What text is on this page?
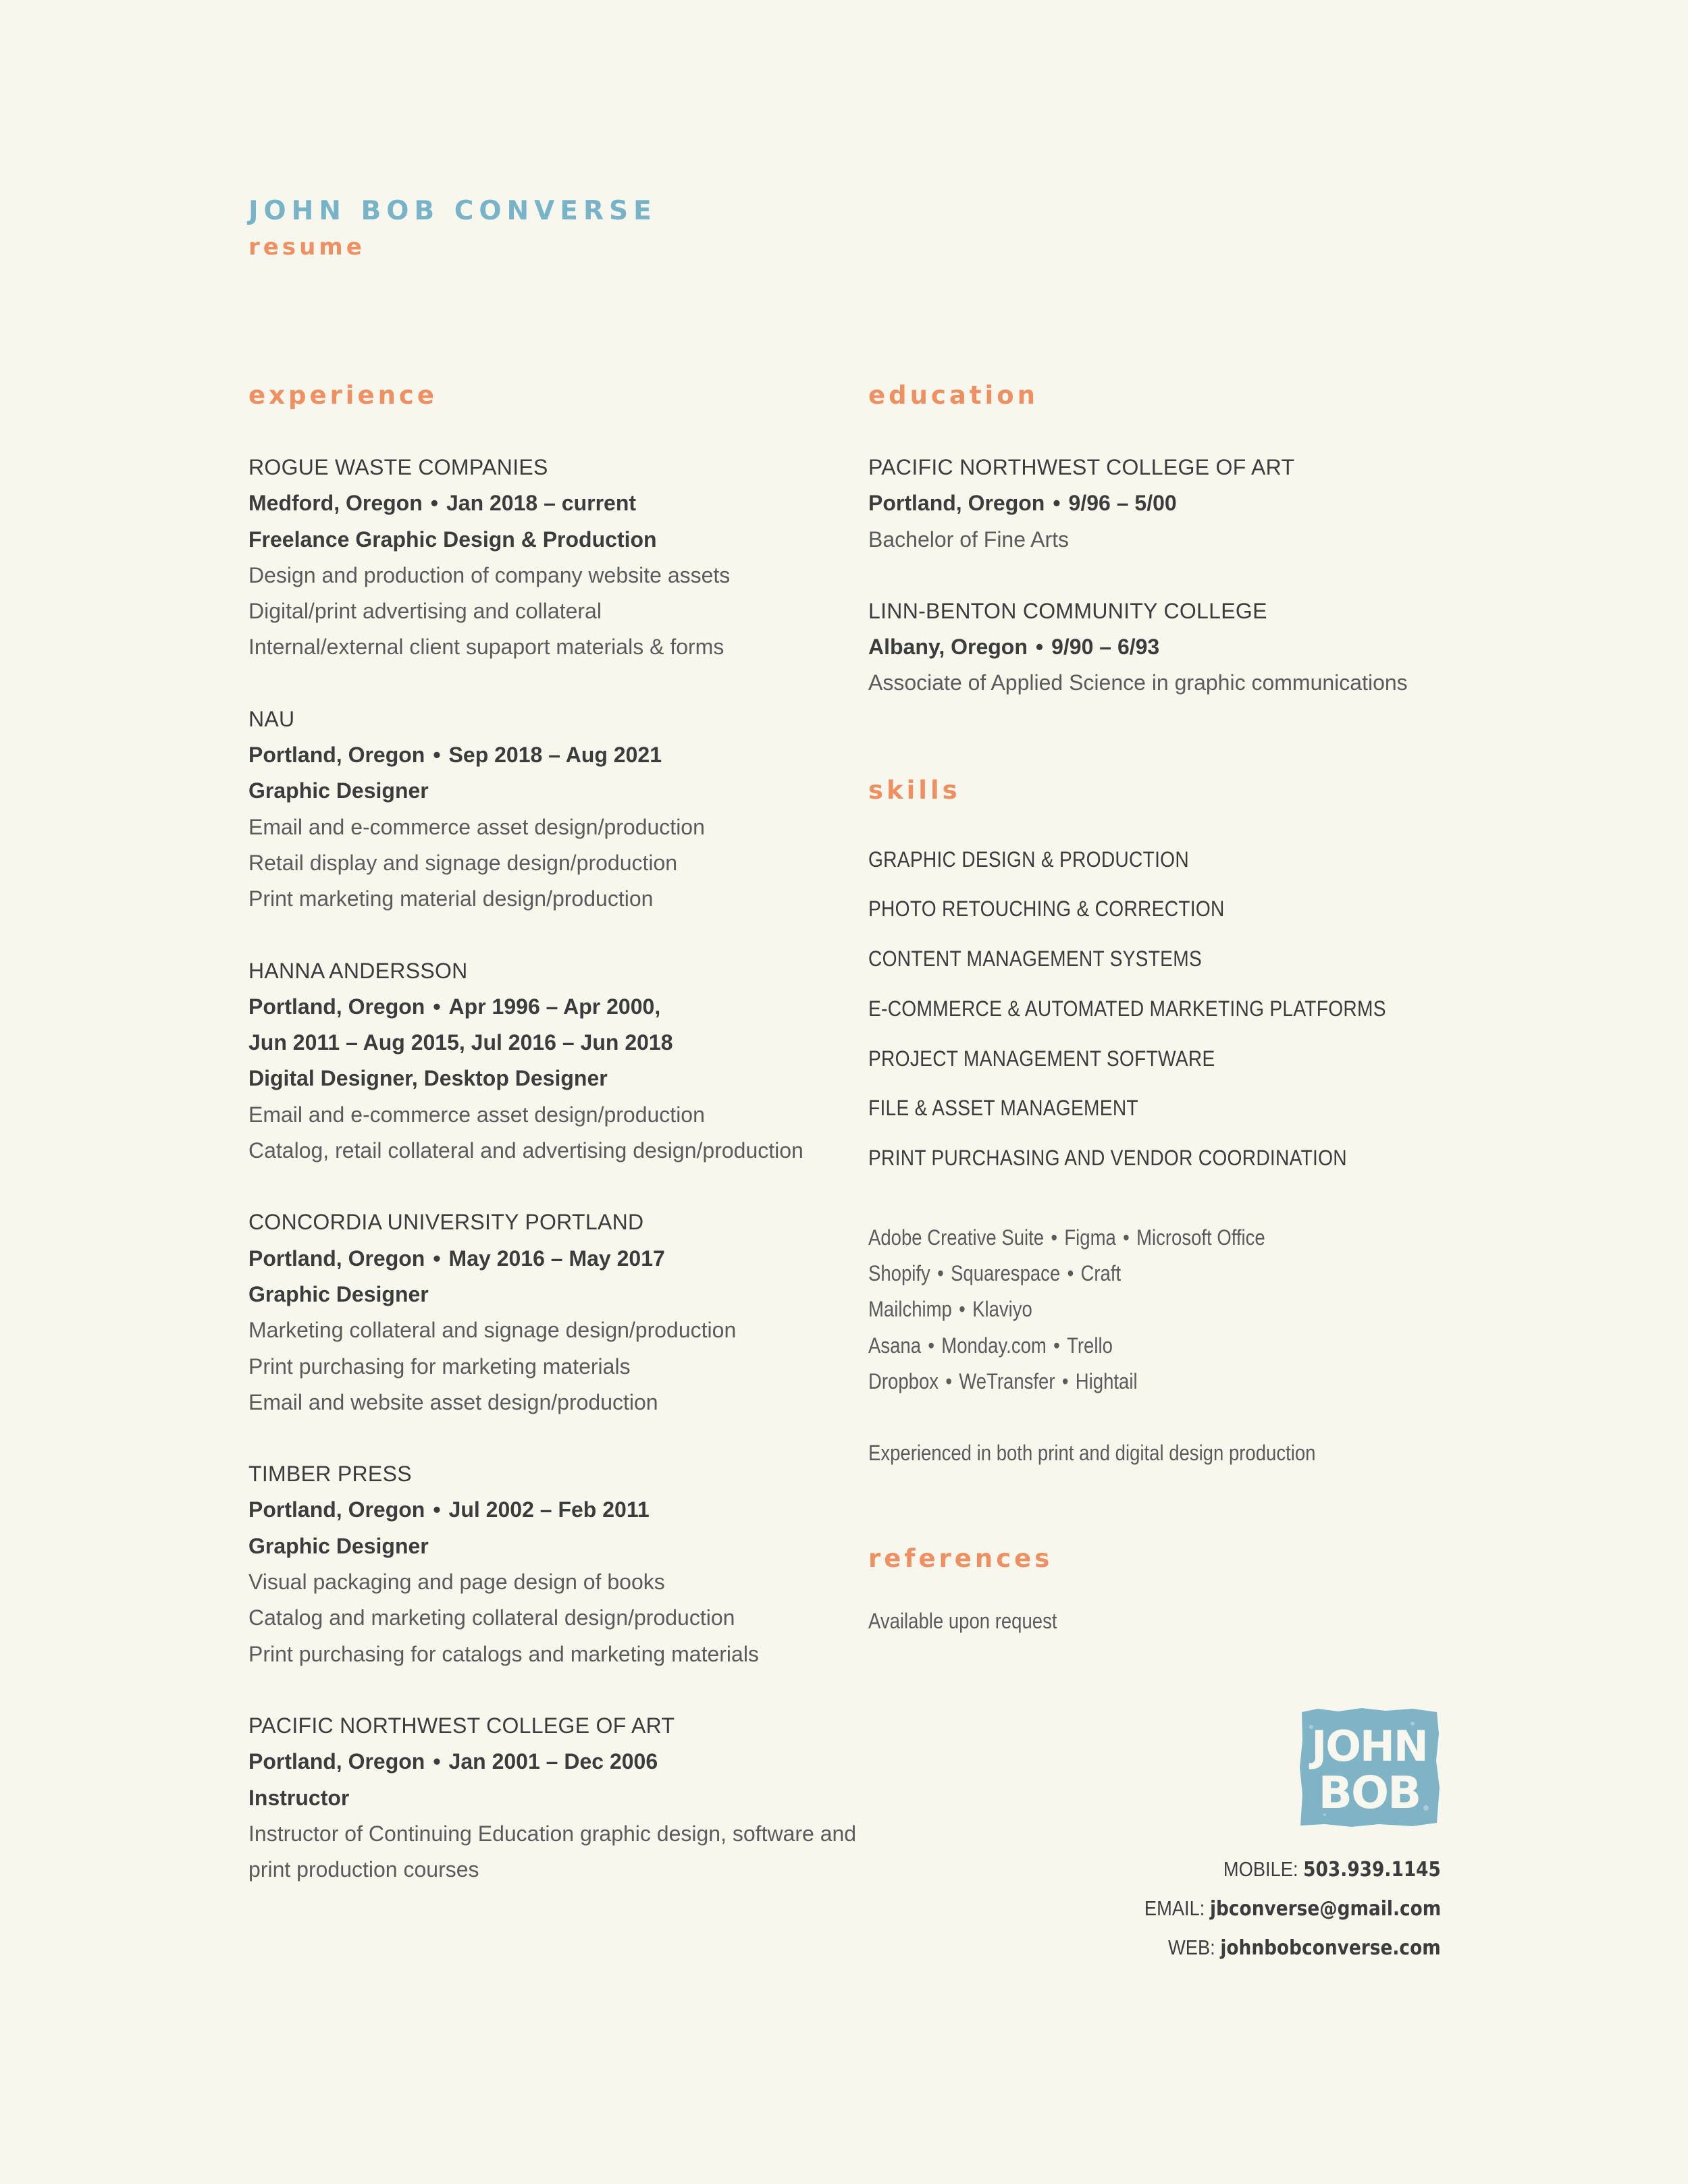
JOHN BOB CONVERSE
resume
experience
ROGUE WASTE COMPANIES
Medford, Oregon • Jan 2018 – current
Freelance Graphic Design & Production
Design and production of company website assets
Digital/print advertising and collateral
Internal/external client supaport materials & forms
NAU
Portland, Oregon • Sep 2018 – Aug 2021
Graphic Designer
Email and e-commerce asset design/production
Retail display and signage design/production
Print marketing material design/production
HANNA ANDERSSON
Portland, Oregon • Apr 1996 – Apr 2000,
Jun 2011 – Aug 2015, Jul 2016 – Jun 2018
Digital Designer, Desktop Designer
Email and e-commerce asset design/production
Catalog, retail collateral and advertising design/production
CONCORDIA UNIVERSITY PORTLAND
Portland, Oregon • May 2016 – May 2017
Graphic Designer
Marketing collateral and signage design/production
Print purchasing for marketing materials
Email and website asset design/production
TIMBER PRESS
Portland, Oregon • Jul 2002 – Feb 2011
Graphic Designer
Visual packaging and page design of books
Catalog and marketing collateral design/production
Print purchasing for catalogs and marketing materials
PACIFIC NORTHWEST COLLEGE OF ART
Portland, Oregon • Jan 2001 – Dec 2006
Instructor
Instructor of Continuing Education graphic design, software and
print production courses
education
PACIFIC NORTHWEST COLLEGE OF ART
Portland, Oregon • 9/96 – 5/00
Bachelor of Fine Arts
LINN-BENTON COMMUNITY COLLEGE
Albany, Oregon • 9/90 – 6/93
Associate of Applied Science in graphic communications
skills
GRAPHIC DESIGN & PRODUCTION
PHOTO RETOUCHING & CORRECTION
CONTENT MANAGEMENT SYSTEMS
E-COMMERCE & AUTOMATED MARKETING PLATFORMS
PROJECT MANAGEMENT SOFTWARE
FILE & ASSET MANAGEMENT
PRINT PURCHASING AND VENDOR COORDINATION
Adobe Creative Suite • Figma • Microsoft Office
Shopify • Squarespace • Craft
Mailchimp • Klaviyo
Asana • Monday.com • Trello
Dropbox • WeTransfer • Hightail
Experienced in both print and digital design production
references
Available upon request
JOHN
BOB
MOBILE: 503.939.1145
EMAIL: jbconverse@gmail.com
WEB: johnbobconverse.com
